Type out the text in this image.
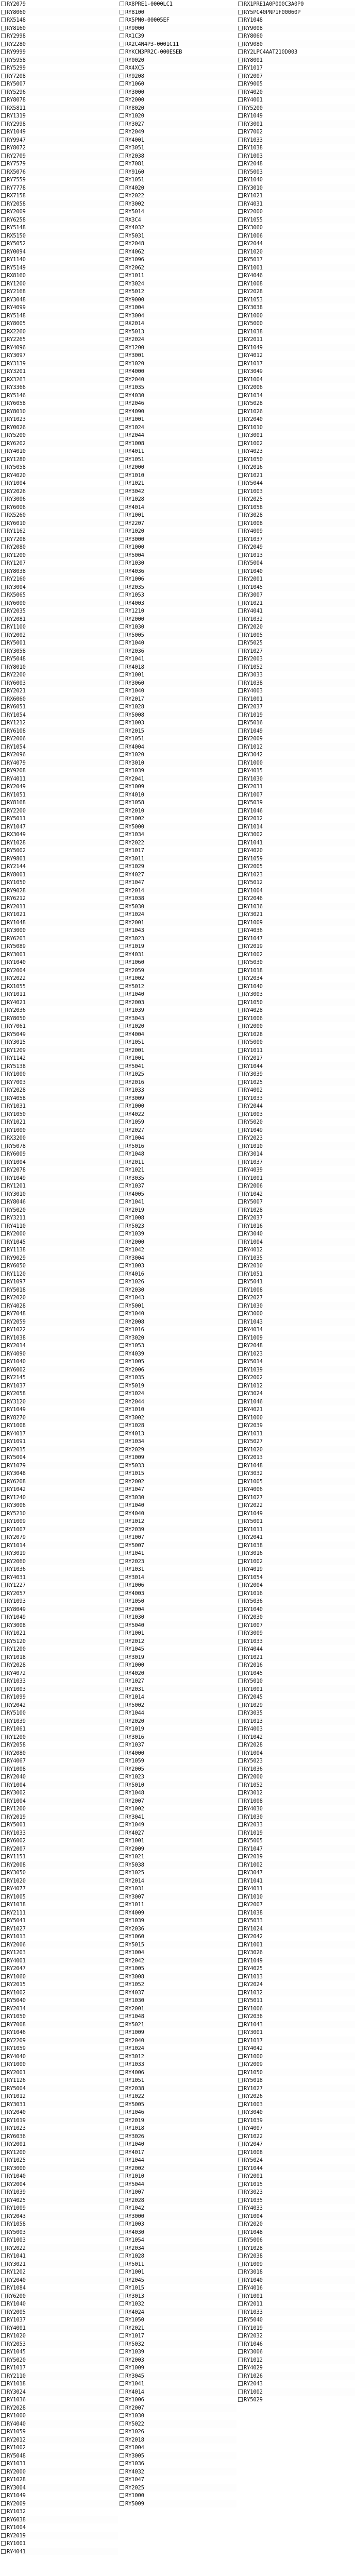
RY2079
RY8060
RX5148
RY8160
RY2998
RY2280
RY9999
RY5958
RY5299
RY7208
RY5007
RY5296
RY8078
RX5811
RY1319
RY2998
RY1049
RY9947
RY8072
RY2709
RY7579
RX5076
RY7559
RY7778
RX7158
RY2058
RY2009
RY6258
RY5148
RX5150
RY5052
RY0094
RY1140
RY5149
RX8160
RY1200
RY2168
RY3048
RY4099
RY5148
RY8005
RX2260
RY2265
RY4096
RY3097
RY3139
RY3201
RX3263
RY3366
RY5146
RY6058
RY8010
RY1023
RY0026
RY5200
RY6202
RY4010
RY1280
RY5058
RY4020
RY1004
RY2026
RY3006
RY6006
RX5260
RY6010
RY1162
RY7208
RY2080
RY1200
RY1207
RY8038
RY2160
RY3004
RX5065
RY6000
RY2035
RY2081
RY1100
RY2002
RY5001
RY3058
RY5048
RY8010
RY2200
RY6003
RY2021
RX6060
RY6051
RY1054
RY1212
RY6108
RY2006
RY1054
RY2096
RY4079
RY9208
RY4011
RY2049
RY1051
RY8168
RY2200
RY5011
RY1047
RX3049
RY1028
RY5002
RY9801
RY2144
RY8001
RY1050
RY9028
RY6212
RY2011
RY1021
RY1048
RY3000
RY6203
RY5089
RY3001
RY1040
RY2004
RY2022
RX1055
RY1011
RY4021
RY2036
RY8050
RY7061
RY5049
RY3015
RY1209
RY1142
RY5138
RY1000
RY7003
RY2028
RY4058
RY1031
RY1050
RY1021
RY1000
RX3200
RY5078
RY6009
RY1004
RY2078
RY1049
RY1201
RY3010
RY8046
RY5020
RY3211
RY4110
RY2000
RY1045
RY1138
RY9029
RY6050
RY1120
RY1097
RY5018
RY2020
RY4028
RY7048
RY2059
RY1022
RY1038
RY2014
RY4090
RY1040
RY6002
RY2145
RY1037
RY2058
RY3120
RY1049
RY8270
RY1008
RY4017
RY1091
RY2015
RY5004
RY1079
RY3048
RY6208
RY1042
RY1240
RY3006
RY5210
RY1009
RY1007
RY2079
RY1014
RY3019
RY2060
RY1036
RY4031
RY1227
RY2057
RY1093
RY8049
RY1049
RY3008
RY1021
RY5120
RY1200
RY1018
RY2028
RY4072
RY1033
RY1003
RY1099
RY2042
RY5100
RY1039
RY1061
RY1200
RY2058
RY2080
RY4067
RY1008
RY2040
RY1004
RY3002
RY1004
RY1200
RY2019
RY5001
RY1033
RY6002
RY2007
RY1151
RY2008
RY3050
RY1020
RY4077
RY1005
RY1038
RY2111
RY5041
RY1027
RY1013
RY2006
RY1203
RY4001
RY2047
RY1060
RY2015
RY1002
RY5040
RY2034
RY1050
RY7008
RY1046
RY2209
RY1059
RY4040
RY1000
RY2001
RY1126
RY5004
RY1012
RY3031
RY2040
RY1019
RY1023
RY6036
RY2001
RY1200
RY1025
RY3000
RY1040
RY2004
RY1039
RY4025
RY1009
RY2043
RY1058
RY5003
RY1003
RY2022
RY1041
RY3021
RY1202
RY2040
RY1084
RY6200
RY1040
RY2005
RY1037
RY4001
RY1020
RY2053
RY1045
RY5020
RY1017
RY2110
RY1018
RY3024
RY1036
RY2028
RY1000
RY4040
RY1059
RY2012
RY1002
RY5048
RY1031
RY2000
RY1028
RY3004
RY1049
RY2009
RY1032
RY6038
RY1004
RY2019
RY1001
RY4041
RX8PRE1-0000LC1
RY8100
RX5PN0-00005EF
RY9000
RX1C39
RX2C4N4P3-0001C11
RYKCN3PR2C-000ESEB
RY0020
RX4XC5
RY9208
RY1060
RY3000
RY2000
RY8020
RY1020
RY3027
RY2049
RY4001
RY3051
RY2038
RY7081
RY9160
RY1051
RY4020
RY2022
RY3002
RY5014
RX3C4
RY4032
RY5031
RY2048
RY4062
RY1096
RY2062
RY1011
RY3024
RY5012
RY9000
RY1004
RY3004
RX2014
RY5013
RY2024
RY1200
RY3001
RY1020
RY4000
RY2040
RY1035
RY4030
RY2046
RY4090
RY1001
RY1024
RY2044
RY1008
RY4011
RY1051
RY2000
RY1010
RY1021
RY3042
RY1028
RY4014
RY1001
RY2207
RY1020
RY3000
RY1000
RY5004
RY1030
RY4036
RY1006
RY2035
RY1053
RY4003
RY1210
RY2000
RY1030
RY5005
RY1040
RY2036
RY1041
RY4018
RY1001
RY3060
RY1040
RY2017
RY1028
RY5008
RY1003
RY2015
RY1051
RY4004
RY1020
RY3010
RY1039
RY2041
RY1009
RY4010
RY1058
RY2010
RY1002
RY5000
RY1034
RY2022
RY1017
RY3011
RY1029
RY4027
RY1047
RY2014
RY1038
RY5030
RY1024
RY2001
RY1043
RY3023
RY1019
RY4031
RY1060
RY2059
RY1002
RY5012
RY1040
RY2003
RY1039
RY3043
RY1020
RY4004
RY1051
RY2001
RY1001
RY5041
RY1025
RY2016
RY1033
RY3009
RY1000
RY4022
RY1059
RY2027
RY1004
RY5016
RY1048
RY2011
RY1021
RY3035
RY1037
RY4005
RY1041
RY2019
RY1008
RY5023
RY1039
RY2000
RY1042
RY3004
RY1003
RY4016
RY1026
RY2030
RY1043
RY5001
RY1040
RY2008
RY1016
RY3020
RY1053
RY4039
RY1005
RY2006
RY1035
RY5019
RY1024
RY2044
RY1010
RY3002
RY1028
RY4013
RY1034
RY2029
RY1009
RY5033
RY1015
RY2002
RY1047
RY3030
RY1040
RY4040
RY1012
RY2039
RY1007
RY5007
RY1041
RY2023
RY1031
RY3014
RY1006
RY4003
RY1050
RY2004
RY1030
RY5040
RY1001
RY2012
RY1045
RY3019
RY1000
RY4020
RY1027
RY2031
RY1014
RY5002
RY1044
RY2020
RY1019
RY3016
RY1037
RY4000
RY1059
RY2005
RY1023
RY5010
RY1048
RY2007
RY1002
RY3041
RY1049
RY4027
RY1001
RY2009
RY1021
RY5038
RY1025
RY2014
RY1031
RY3007
RY1011
RY4009
RY1039
RY2036
RY1060
RY5015
RY1004
RY2042
RY1005
RY3008
RY1052
RY4037
RY1030
RY2001
RY1048
RY5021
RY1009
RY2040
RY1024
RY3012
RY1033
RY4006
RY1051
RY2038
RY1022
RY5005
RY1046
RY2019
RY1018
RY3026
RY1040
RY4017
RY1044
RY2002
RY1010
RY5044
RY1007
RY2028
RY1042
RY3000
RY1003
RY4030
RY1054
RY2034
RY1028
RY5011
RY1001
RY2045
RY1015
RY3013
RY1032
RY4024
RY1050
RY2021
RY1017
RY5032
RY1039
RY2003
RY1009
RY3045
RY1041
RY4014
RY1006
RY2007
RY1030
RY5022
RY1026
RY2018
RY1004
RY3005
RY1036
RY4032
RY1047
RY2025
RY1000
RY5009
RX1PRE1A0P000C3A0P0
RY5PC40PNP1F00060P
RY1048
RY9008
RY8060
RY9080
RY2LPC4AAT210D003
RY8001
RY1017
RY2007
RY9005
RY4020
RY4001
RY5200
RY1049
RY3001
RY7002
RY1033
RY1038
RY1003
RY2048
RY5003
RY1040
RY3010
RY1021
RY4031
RY2000
RY1055
RY3060
RY1006
RY2044
RY1020
RY5017
RY1001
RY4046
RY1008
RY2028
RY1053
RY3038
RY1000
RY5000
RY1038
RY2011
RY1049
RY4012
RY1017
RY3049
RY1004
RY2006
RY1034
RY5028
RY1026
RY2040
RY1010
RY3001
RY1002
RY4023
RY1050
RY2016
RY1021
RY5044
RY1003
RY2025
RY1058
RY3028
RY1008
RY4009
RY1037
RY2049
RY1013
RY5004
RY1040
RY2001
RY1045
RY3007
RY1021
RY4041
RY1032
RY2020
RY1005
RY5025
RY1027
RY2003
RY1052
RY3033
RY1038
RY4003
RY1001
RY2037
RY1019
RY5016
RY1049
RY2009
RY1012
RY3042
RY1000
RY4015
RY1030
RY2031
RY1007
RY5039
RY1046
RY2012
RY1014
RY3002
RY1041
RY4020
RY1059
RY2005
RY1023
RY5012
RY1004
RY2046
RY1036
RY3021
RY1009
RY4036
RY1047
RY2019
RY1002
RY5030
RY1018
RY2034
RY1040
RY3003
RY1050
RY4028
RY1006
RY2000
RY1028
RY5000
RY1011
RY2017
RY1044
RY3039
RY1025
RY4002
RY1033
RY2044
RY1003
RY5020
RY1049
RY2023
RY1010
RY3014
RY1037
RY4039
RY1001
RY2006
RY1042
RY5007
RY1028
RY2037
RY1016
RY3040
RY1004
RY4012
RY1035
RY2010
RY1051
RY5041
RY1008
RY2027
RY1030
RY3000
RY1043
RY4034
RY1009
RY2048
RY1023
RY5014
RY1039
RY2002
RY1012
RY3024
RY1046
RY4021
RY1000
RY2039
RY1031
RY5027
RY1020
RY2013
RY1048
RY3032
RY1005
RY4006
RY1027
RY2022
RY1049
RY5001
RY1011
RY2041
RY1038
RY3016
RY1002
RY4019
RY1054
RY2004
RY1016
RY5036
RY1040
RY2030
RY1007
RY3009
RY1033
RY4044
RY1021
RY2016
RY1045
RY5010
RY1001
RY2045
RY1029
RY3035
RY1013
RY4003
RY1042
RY2028
RY1004
RY5023
RY1036
RY2000
RY1052
RY3012
RY1008
RY4030
RY1030
RY2033
RY1019
RY5005
RY1047
RY2019
RY1002
RY3047
RY1041
RY4011
RY1010
RY2007
RY1038
RY5033
RY1024
RY2042
RY1001
RY3026
RY1049
RY4025
RY1013
RY2024
RY1032
RY5011
RY1006
RY2036
RY1043
RY3001
RY1017
RY4042
RY1000
RY2009
RY1050
RY5018
RY1027
RY2026
RY1003
RY3040
RY1039
RY4007
RY1022
RY2047
RY1008
RY5024
RY1044
RY2001
RY1015
RY3023
RY1035
RY4033
RY1004
RY2020
RY1048
RY5006
RY1028
RY2038
RY1009
RY3018
RY1040
RY4016
RY1001
RY2011
RY1033
RY5040
RY1019
RY2032
RY1046
RY3006
RY1012
RY4029
RY1026
RY2043
RY1002
RY5029
